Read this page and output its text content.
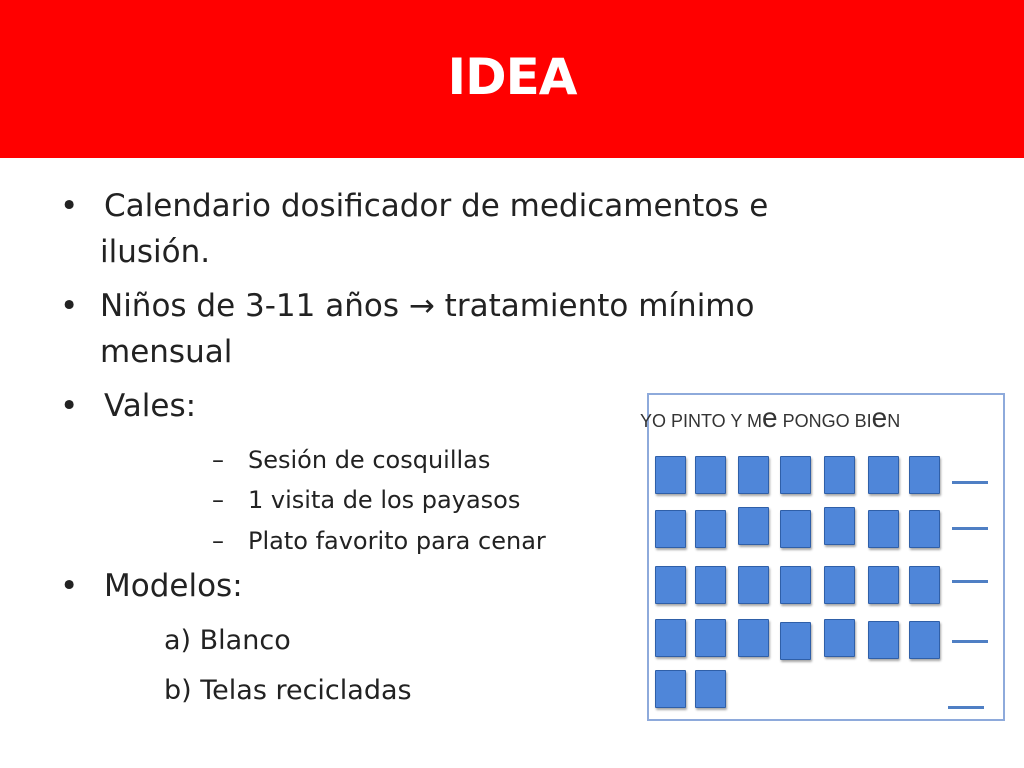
IDEA
• Calendario dosificador de medicamentos e
ilusión.
• Niños de 3-11 años → tratamiento mínimo
mensual
• Vales:
– Sesión de cosquillas
– 1 visita de los payasos
– Plato favorito para cenar
• Modelos:
a) Blanco
b) Telas recicladas
YO PINTO Y Me PONGO BIeN
